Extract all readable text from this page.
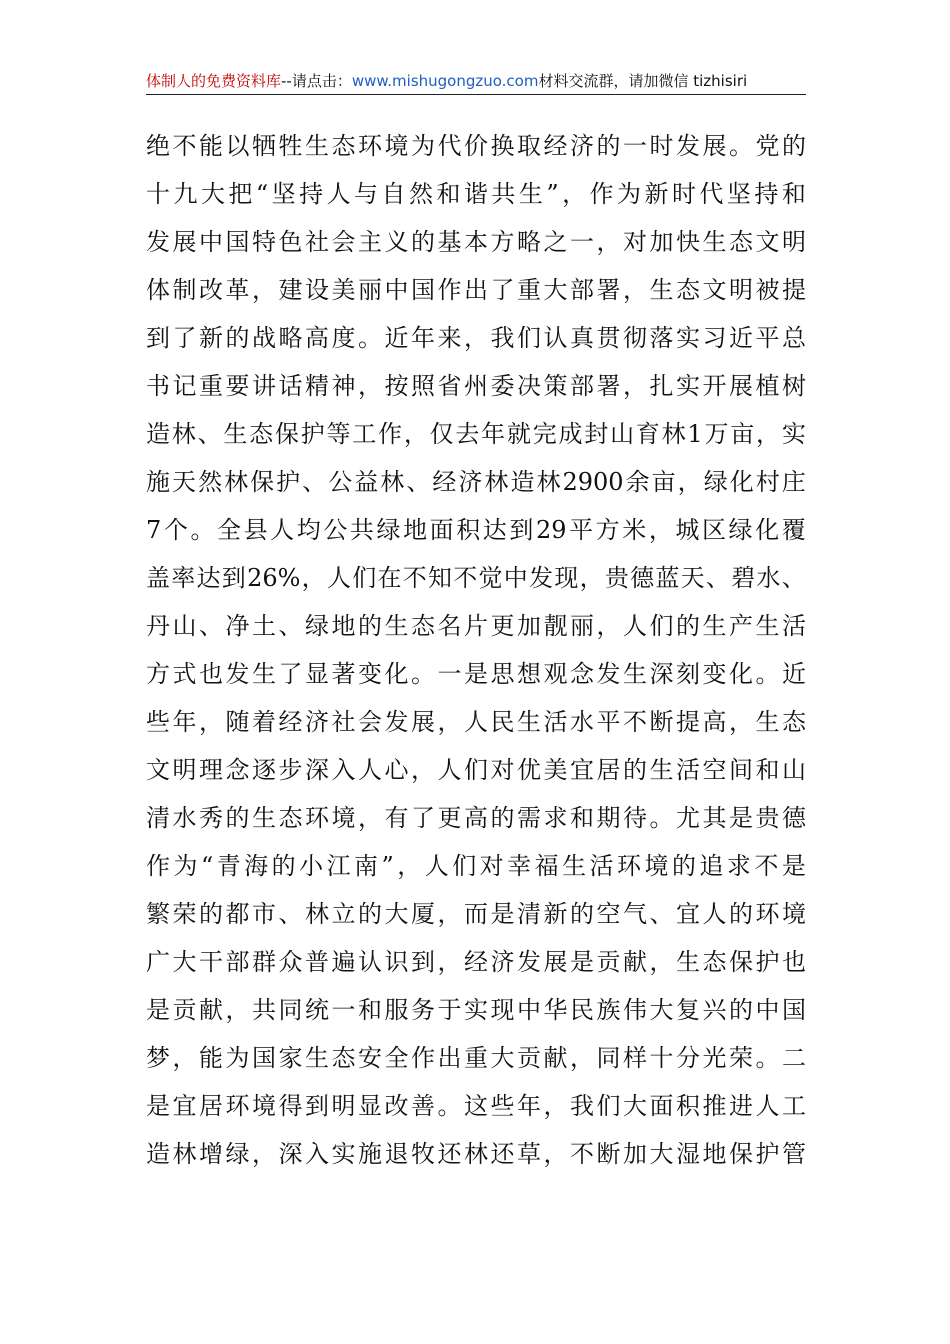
体制人的免费资料库--请点击：www.mishugongzuo.com材料交流群，请加微信 tizhisiri
绝 不 能 以 牺 牲 生 态 环 境 为 代 价 换 取 经 济 的 一 时 发 展 。 党 的
十 九 大 把 “ 坚 持 人 与 自 然 和 谐 共 生 ” ， 作 为 新 时 代 坚 持 和
发 展 中 国 特 色 社 会 主 义 的 基 本 方 略 之 一 ， 对 加 快 生 态 文 明
体 制 改 革 ， 建 设 美 丽 中 国 作 出 了 重 大 部 署 ， 生 态 文 明 被 提
到 了 新 的 战 略 高 度 。 近 年 来 ， 我 们 认 真 贯 彻 落 实 习 近 平 总
书 记 重 要 讲 话 精 神 ， 按 照 省 州 委 决 策 部 署 ， 扎 实 开 展 植 树
造 林 、 生 态 保 护 等 工 作 ， 仅 去 年 就 完 成 封 山 育 林 1 万 亩 ， 实
施 天 然 林 保 护 、 公 益 林 、 经 济 林 造 林 2900 余 亩 ， 绿 化 村 庄
7 个 。 全 县 人 均 公 共 绿 地 面 积 达 到 29 平 方 米 ， 城 区 绿 化 覆
盖 率 达 到 26% ， 人 们 在 不 知 不 觉 中 发 现 ， 贵 德 蓝 天 、 碧 水 、
丹 山 、 净 土 、 绿 地 的 生 态 名 片 更 加 靓 丽 ， 人 们 的 生 产 生 活
方 式 也 发 生 了 显 著 变 化 。 一 是 思 想 观 念 发 生 深 刻 变 化 。 近
些 年 ， 随 着 经 济 社 会 发 展 ， 人 民 生 活 水 平 不 断 提 高 ， 生 态
文 明 理 念 逐 步 深 入 人 心 ， 人 们 对 优 美 宜 居 的 生 活 空 间 和 山
清 水 秀 的 生 态 环 境 ， 有 了 更 高 的 需 求 和 期 待 。 尤 其 是 贵 德
作 为 “ 青 海 的 小 江 南 ” ， 人 们 对 幸 福 生 活 环 境 的 追 求 不 是
繁 荣 的 都 市 、 林 立 的 大 厦 ， 而 是 清 新 的 空 气 、 宜 人 的 环 境
广 大 干 部 群 众 普 遍 认 识 到 ， 经 济 发 展 是 贡 献 ， 生 态 保 护 也
是 贡 献 ， 共 同 统 一 和 服 务 于 实 现 中 华 民 族 伟 大 复 兴 的 中 国
梦 ， 能 为 国 家 生 态 安 全 作 出 重 大 贡 献 ， 同 样 十 分 光 荣 。 二
是 宜 居 环 境 得 到 明 显 改 善 。 这 些 年 ， 我 们 大 面 积 推 进 人 工
造 林 增 绿 ， 深 入 实 施 退 牧 还 林 还 草 ， 不 断 加 大 湿 地 保 护 管
